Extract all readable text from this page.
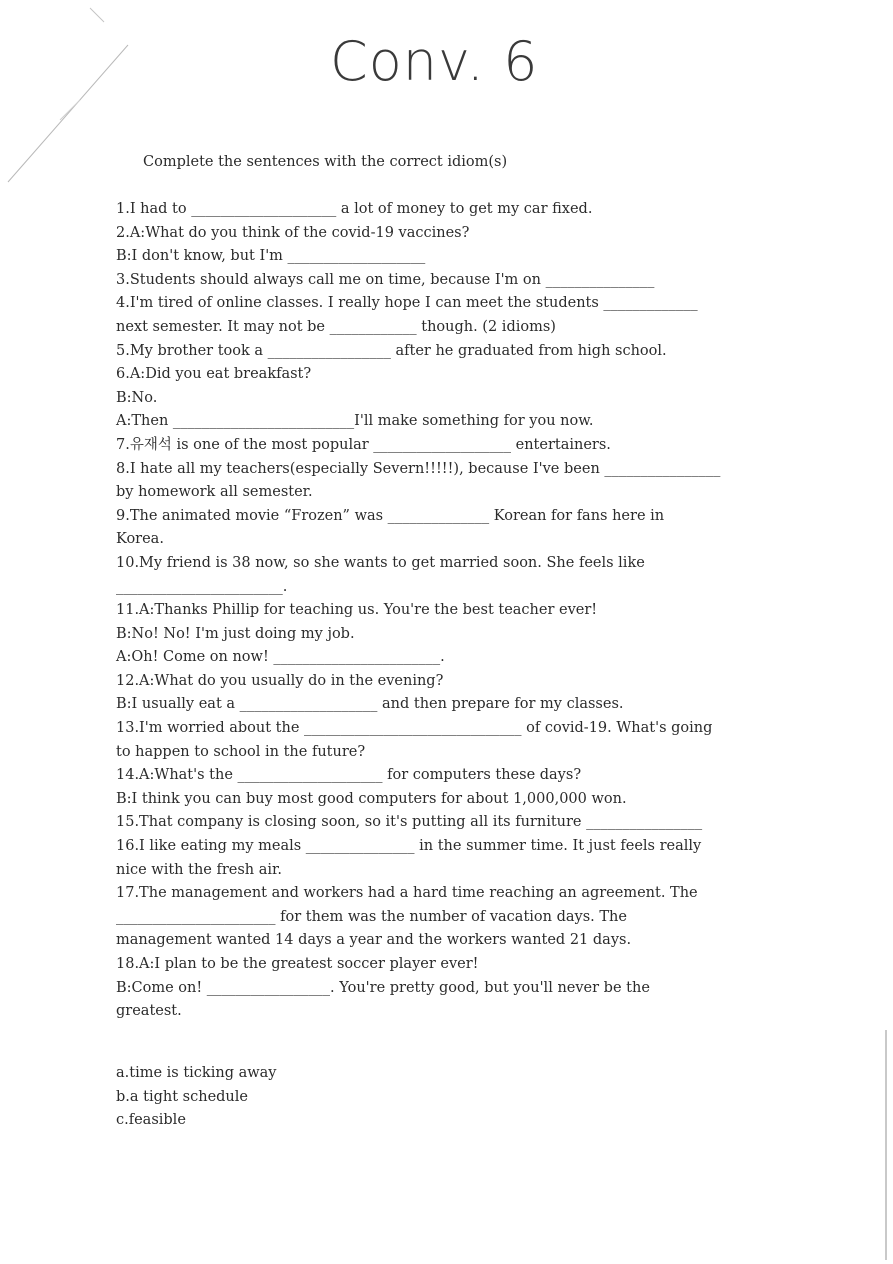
Conv. 6
Complete the sentences with the correct idiom(s)
1.I had to ____________________ a lot of money to get my car fixed.
2.A:What do you think of the covid-19 vaccines?
B:I don't know, but I'm ___________________
3.Students should always call me on time, because I'm on _______________
4.I'm tired of online classes. I really hope I can meet the students _____________
next semester. It may not be ____________ though. (2 idioms)
5.My brother took a _________________ after he graduated from high school.
6.A:Did you eat breakfast?
B:No.
A:Then _________________________I'll make something for you now.
7.유재석 is one of the most popular ___________________ entertainers.
8.I hate all my teachers(especially Severn!!!!!), because I've been ________________
by homework all semester.
9.The animated movie “Frozen” was ______________ Korean for fans here in
Korea.
10.My friend is 38 now, so she wants to get married soon. She feels like
_______________________.
11.A:Thanks Phillip for teaching us. You're the best teacher ever!
B:No! No! I'm just doing my job.
A:Oh! Come on now! _______________________.
12.A:What do you usually do in the evening?
B:I usually eat a ___________________ and then prepare for my classes.
13.I'm worried about the ______________________________ of covid-19. What's going
to happen to school in the future?
14.A:What's the ____________________ for computers these days?
B:I think you can buy most good computers for about 1,000,000 won.
15.That company is closing soon, so it's putting all its furniture ________________
16.I like eating my meals _______________ in the summer time. It just feels really
nice with the fresh air.
17.The management and workers had a hard time reaching an agreement. The
______________________ for them was the number of vacation days. The
management wanted 14 days a year and the workers wanted 21 days.
18.A:I plan to be the greatest soccer player ever!
B:Come on! _________________. You're pretty good, but you'll never be the
greatest.
a.time is ticking away
b.a tight schedule
c.feasible
